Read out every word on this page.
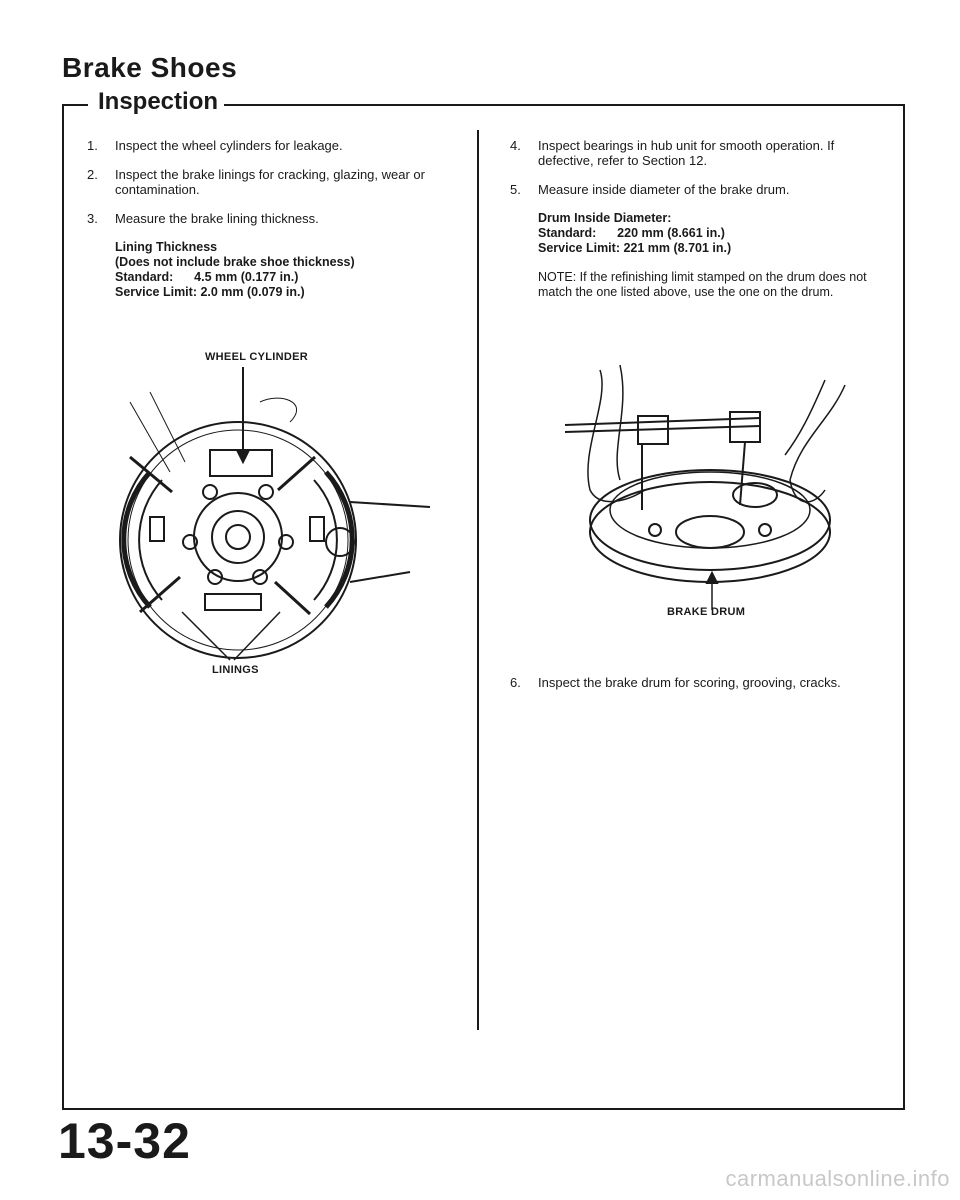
Brake Shoes
Inspection
1. Inspect the wheel cylinders for leakage.
2. Inspect the brake linings for cracking, glazing, wear or contamination.
3. Measure the brake lining thickness.
Lining Thickness
(Does not include brake shoe thickness)
Standard:      4.5 mm (0.177 in.)
Service Limit: 2.0 mm (0.079 in.)
WHEEL CYLINDER
LININGS
4. Inspect bearings in hub unit for smooth operation. If defective, refer to Section 12.
5. Measure inside diameter of the brake drum.
Drum Inside Diameter:
Standard:      220 mm (8.661 in.)
Service Limit: 221 mm (8.701 in.)
NOTE: If the refinishing limit stamped on the drum does not match the one listed above, use the one on the drum.
BRAKE DRUM
6. Inspect the brake drum for scoring, grooving, cracks.
13-32
carmanualsonline.info
